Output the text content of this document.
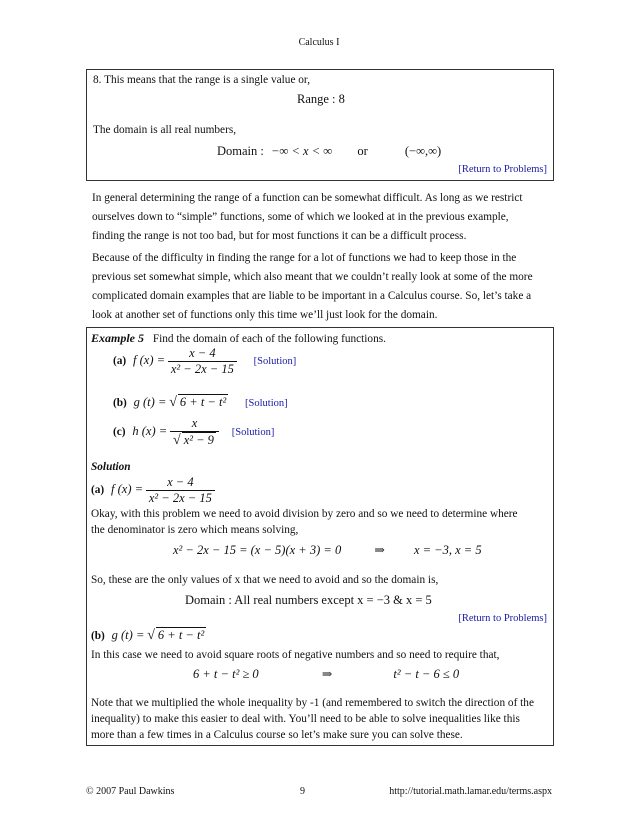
Calculus I
8. This means that the range is a single value or,
Range : 8
The domain is all real numbers,
Domain : −∞ < x < ∞ or	(−∞,∞)
[Return to Problems]
In general determining the range of a function can be somewhat difficult. As long as we restrict
ourselves down to “simple” functions, some of which we looked at in the previous example,
finding the range is not too bad, but for most functions it can be a difficult process.
Because of the difficulty in finding the range for a lot of functions we had to keep those in the
previous set somewhat simple, which also meant that we couldn’t really look at some of the more
complicated domain examples that are liable to be important in a Calculus course. So, let’s take a
look at another set of functions only this time we’ll just look for the domain.
Example 5 Find the domain of each of the following functions.
(a) f $(x) = \frac{x - 4}{\text{x² − 2x − 15}}$ [Solution]
(b) g (t) = √ 6 + t − t² [Solution]
(c) h $(x) = \frac{x}{\text{√ x² − 9}}$ [Solution]
Solution
(a) f $(x) = \frac{x - 4}{\text{x² − 2x − 15}}$
Okay, with this problem we need to avoid division by zero and so we need to determine where
the denominator is zero which means solving,
x² − 2x − 15 = (x − 5)(x + 3) = 0	⇒ x = −3, x = 5
So, these are the only values of x that we need to avoid and so the domain is,
Domain : All real numbers except x = −3 & x = 5
[Return to Problems]
(b) g (t) = √ 6 + t − t²
In this case we need to avoid square roots of negative numbers and so need to require that,
6 + t − t² ≥ 0	⇒	t² − t − 6 ≤ 0
Note that we multiplied the whole inequality by -1 (and remembered to switch the direction of the
inequality) to make this easier to deal with. You’ll need to be able to solve inequalities like this
more than a few times in a Calculus course so let’s make sure you can solve these.
© 2007 Paul Dawkins	9	http://tutorial.math.lamar.edu/terms.aspx
